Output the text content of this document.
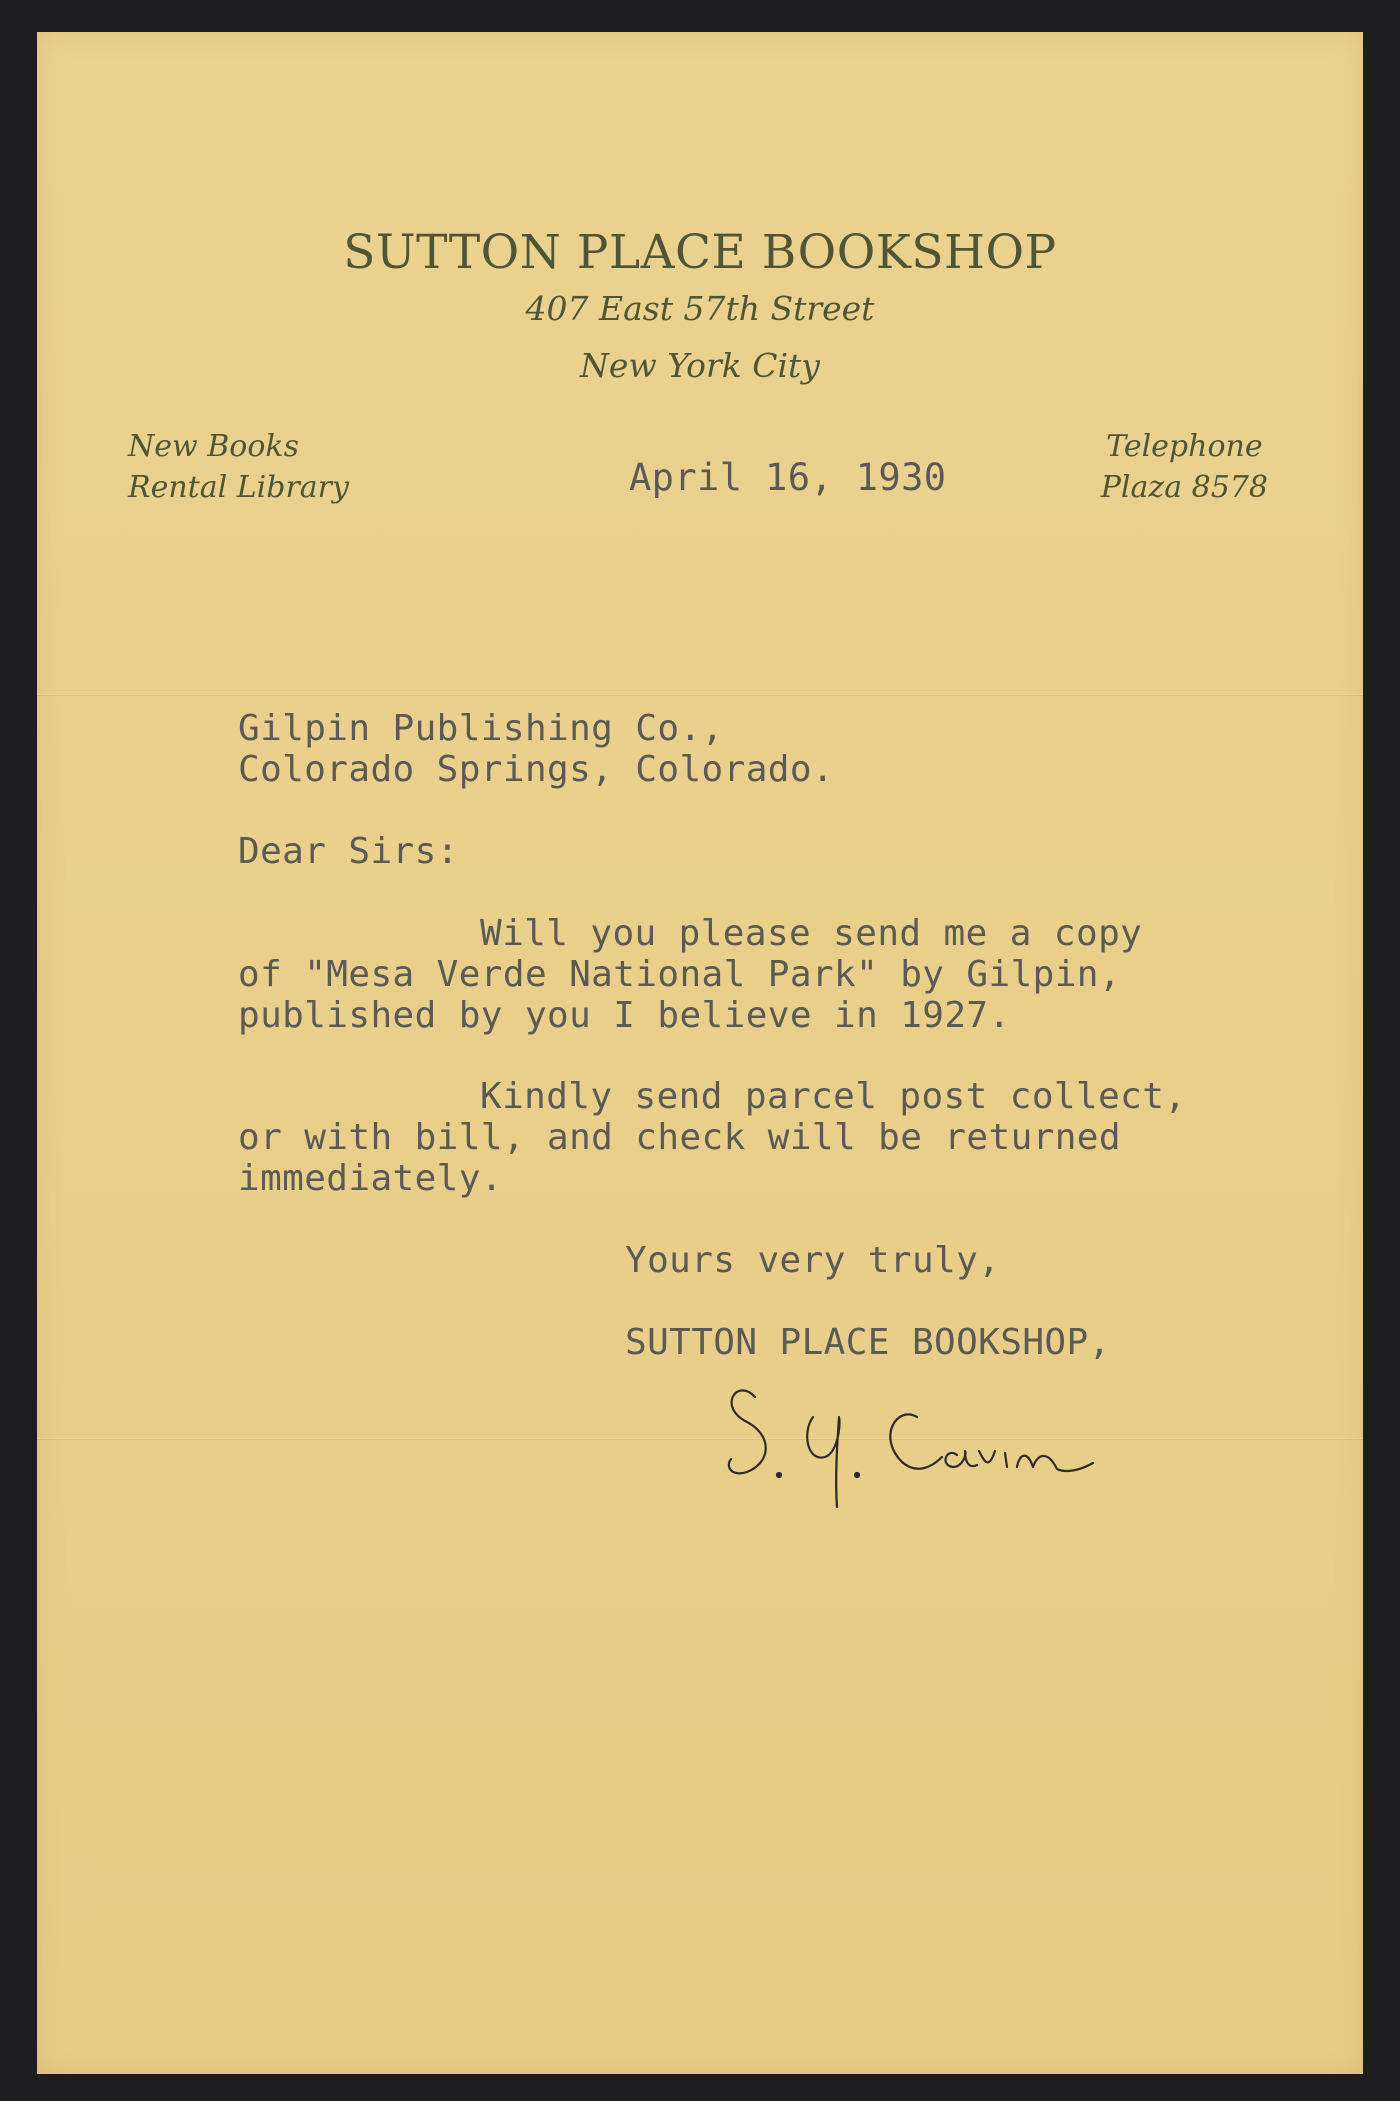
SUTTON PLACE BOOKSHOP
407 East 57th Street
New York City
New Books
Rental Library
Telephone
Plaza 8578
April 16, 1930
Gilpin Publishing Co.,
Colorado Springs, Colorado.
Dear Sirs:
Will you please send me a copy
of "Mesa Verde National Park" by Gilpin,
published by you I believe in 1927.
Kindly send parcel post collect,
or with bill, and check will be returned
immediately.
Yours very truly,
SUTTON PLACE BOOKSHOP,
